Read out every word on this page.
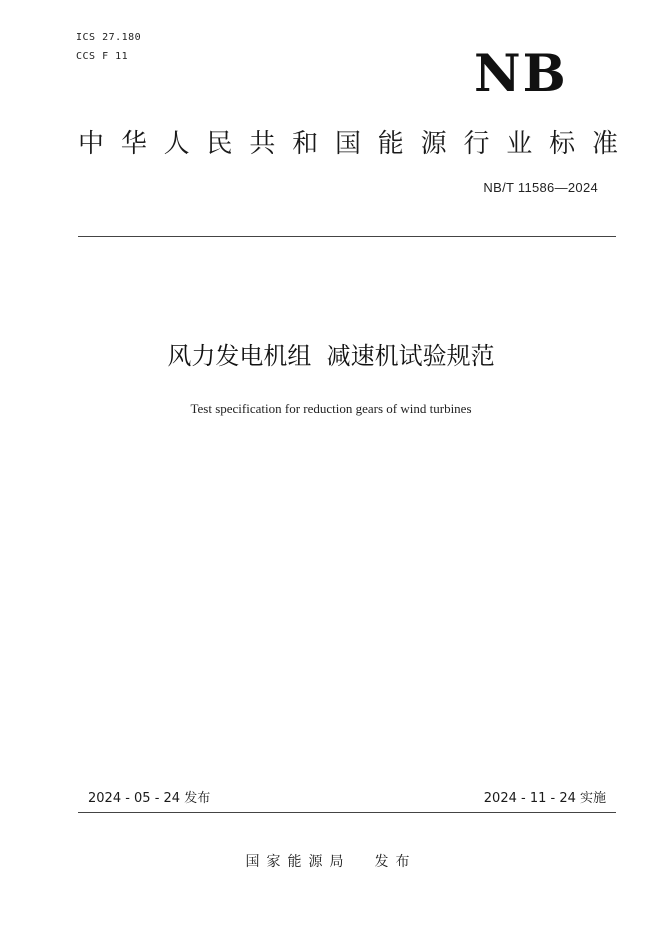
ICS 27.180
CCS F 11	NB
中 华 人 民 共 和 国 能 源 行 业 标 准
NB/T 11586—2024
风力发电机组  减速机试验规范
Test specification for reduction gears of wind turbines
2024 - 05 - 24 发布	2024 - 11 - 24 实施
国家能源局 发布
